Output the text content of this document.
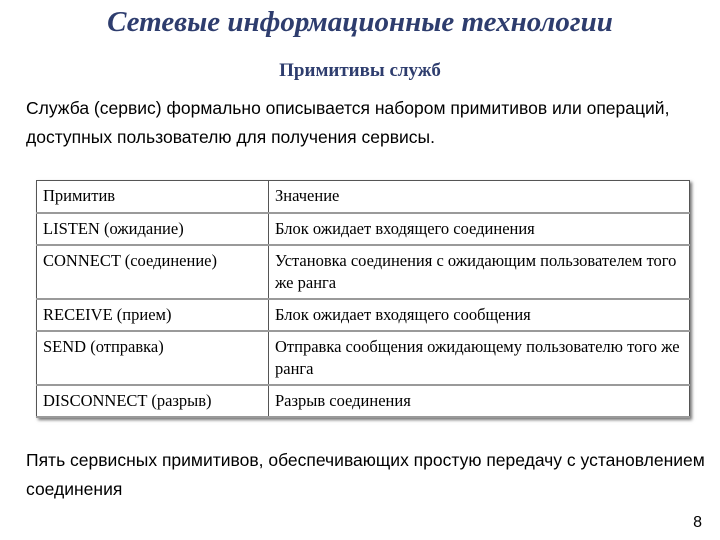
Сетевые информационные технологии
Примитивы служб
Служба (сервис) формально описывается набором примитивов или операций, доступных пользователю для получения сервисы.
Примитив	Значение
LISTEN (ожидание)	Блок ожидает входящего соединения
CONNECT (соединение)	Установка соединения с ожидающим пользователем того же ранга
RECEIVE (прием)	Блок ожидает входящего сообщения
SEND (отправка)	Отправка сообщения ожидающему пользователю того же ранга
DISCONNECT (разрыв)	Разрыв соединения
Пять сервисных примитивов, обеспечивающих простую передачу с установлением соединения
8
